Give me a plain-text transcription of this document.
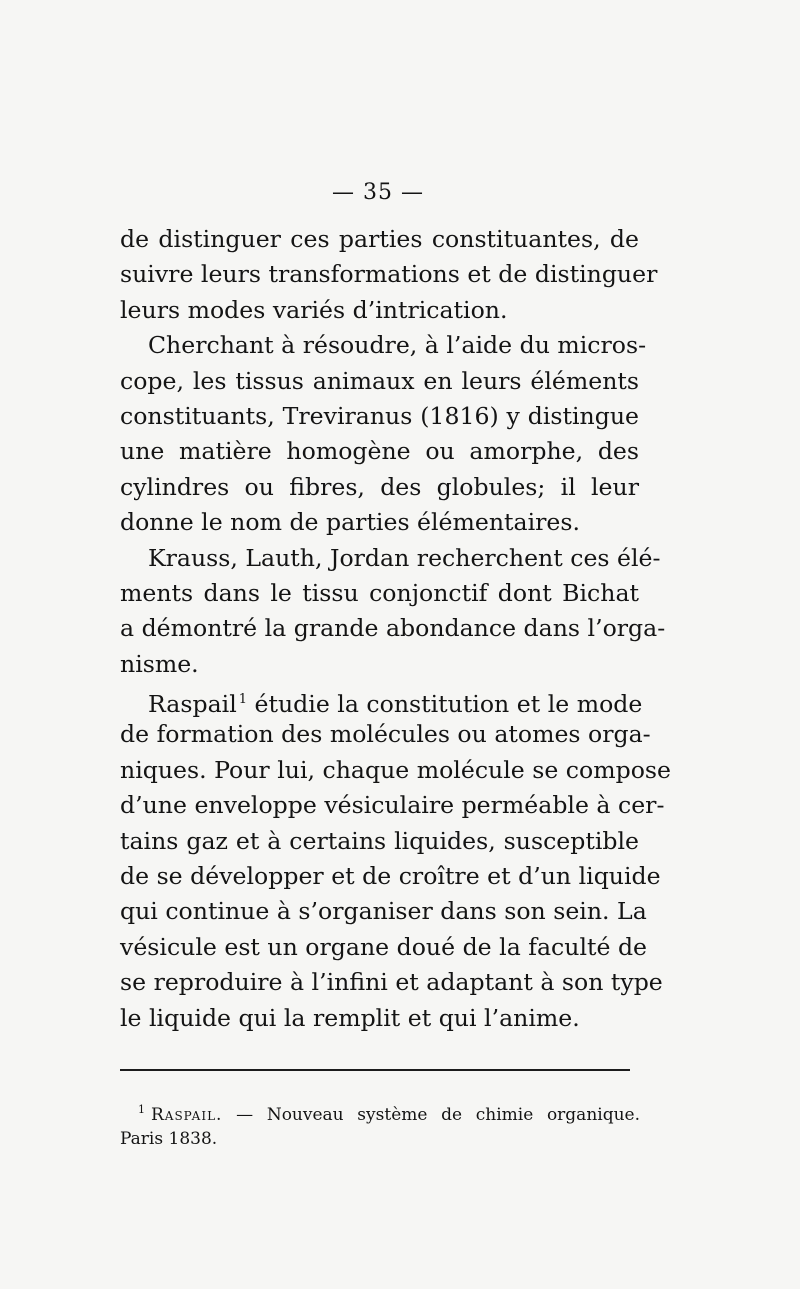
— 35 —
de distinguer ces parties constituantes, de
suivre leurs transformations et de distinguer
leurs modes variés d’intrication.
Cherchant à résoudre, à l’aide du micros-
cope, les tissus animaux en leurs éléments
constituants, Treviranus (1816) y distingue
une matière homogène ou amorphe, des
cylindres ou fibres, des globules; il leur
donne le nom de parties élémentaires.
Krauss, Lauth, Jordan recherchent ces élé-
ments dans le tissu conjonctif dont Bichat
a démontré la grande abondance dans l’orga-
nisme.
Raspail $^1$ étudie la constitution et le mode
de formation des molécules ou atomes orga-
niques. Pour lui, chaque molécule se compose
d’une enveloppe vésiculaire perméable à cer-
tains gaz et à certains liquides, susceptible
de se développer et de croître et d’un liquide
qui continue à s’organiser dans son sein. La
vésicule est un organe doué de la faculté de
se reproduire à l’infini et adaptant à son type
le liquide qui la remplit et qui l’anime.
$^1$ Raspail. — Nouveau système de chimie organique.
Paris 1838.
